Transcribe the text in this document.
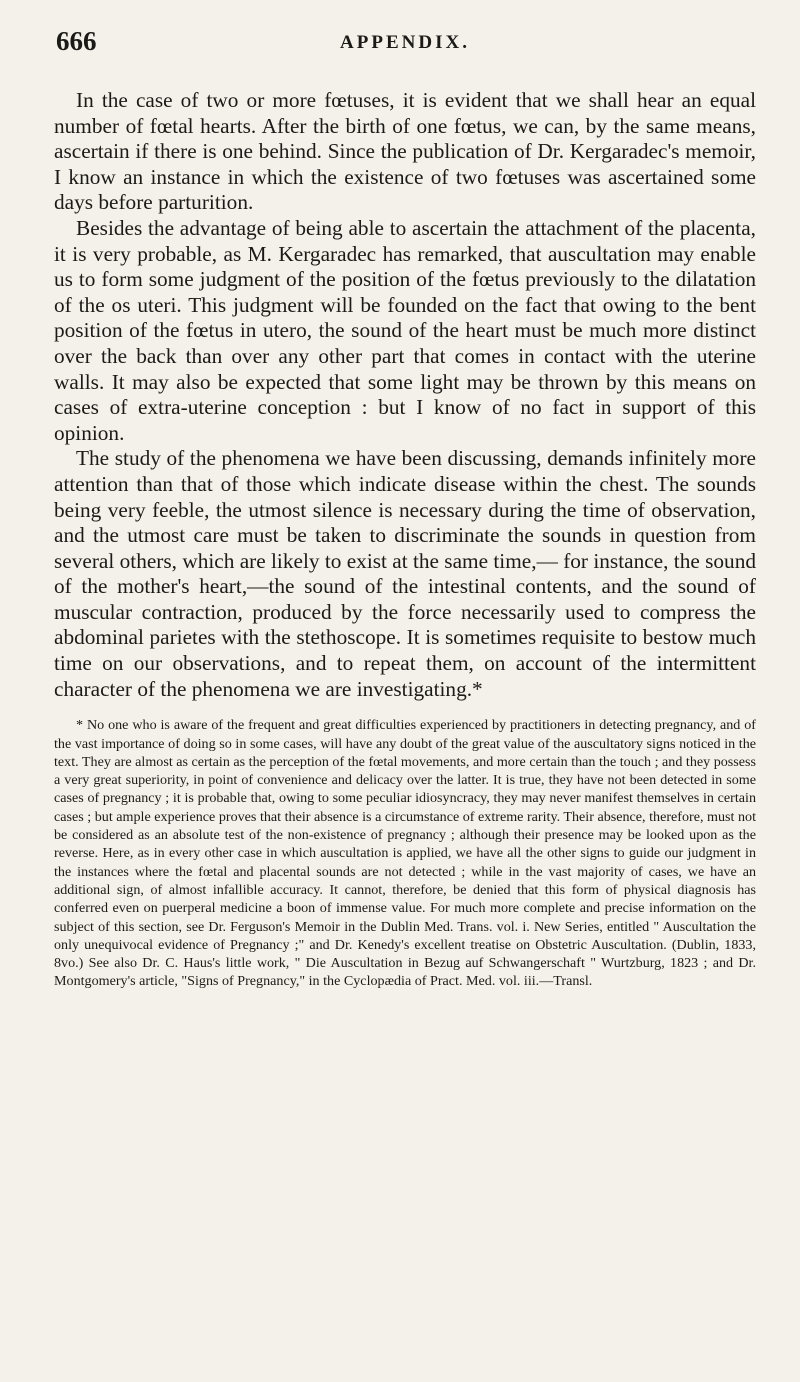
666	APPENDIX.

In the case of two or more fœtuses, it is evident that we shall hear an equal number of fœtal hearts. After the birth of one fœtus, we can, by the same means, ascertain if there is one behind. Since the publication of Dr. Kergaradec's memoir, I know an instance in which the existence of two fœtuses was ascertained some days before parturition.

Besides the advantage of being able to ascertain the attachment of the placenta, it is very probable, as M. Kergaradec has remarked, that auscultation may enable us to form some judgment of the position of the fœtus previously to the dilatation of the os uteri. This judgment will be founded on the fact that owing to the bent position of the fœtus in utero, the sound of the heart must be much more distinct over the back than over any other part that comes in contact with the uterine walls. It may also be expected that some light may be thrown by this means on cases of extra-uterine conception : but I know of no fact in support of this opinion.

The study of the phenomena we have been discussing, demands infinitely more attention than that of those which indicate disease within the chest. The sounds being very feeble, the utmost silence is necessary during the time of observation, and the utmost care must be taken to discriminate the sounds in question from several others, which are likely to exist at the same time,— for instance, the sound of the mother's heart,—the sound of the intestinal contents, and the sound of muscular contraction, produced by the force necessarily used to compress the abdominal parietes with the stethoscope. It is sometimes requisite to bestow much time on our observations, and to repeat them, on account of the intermittent character of the phenomena we are investigating.*

* No one who is aware of the frequent and great difficulties experienced by practitioners in detecting pregnancy, and of the vast importance of doing so in some cases, will have any doubt of the great value of the auscultatory signs noticed in the text. They are almost as certain as the perception of the fœtal movements, and more certain than the touch ; and they possess a very great superiority, in point of convenience and delicacy over the latter. It is true, they have not been detected in some cases of pregnancy ; it is probable that, owing to some peculiar idiosyncracy, they may never manifest themselves in certain cases ; but ample experience proves that their absence is a circumstance of extreme rarity. Their absence, therefore, must not be considered as an absolute test of the non-existence of pregnancy ; although their presence may be looked upon as the reverse. Here, as in every other case in which auscultation is applied, we have all the other signs to guide our judgment in the instances where the fœtal and placental sounds are not detected ; while in the vast majority of cases, we have an additional sign, of almost infallible accuracy. It cannot, therefore, be denied that this form of physical diagnosis has conferred even on puerperal medicine a boon of immense value. For much more complete and precise information on the subject of this section, see Dr. Ferguson's Memoir in the Dublin Med. Trans. vol. i. New Series, entitled " Auscultation the only unequivocal evidence of Pregnancy ;" and Dr. Kenedy's excellent treatise on Obstetric Auscultation. (Dublin, 1833, 8vo.) See also Dr. C. Haus's little work, " Die Auscultation in Bezug auf Schwangerschaft " Wurtzburg, 1823 ; and Dr. Montgomery's article, "Signs of Pregnancy," in the Cyclopædia of Pract. Med. vol. iii.—Transl.
